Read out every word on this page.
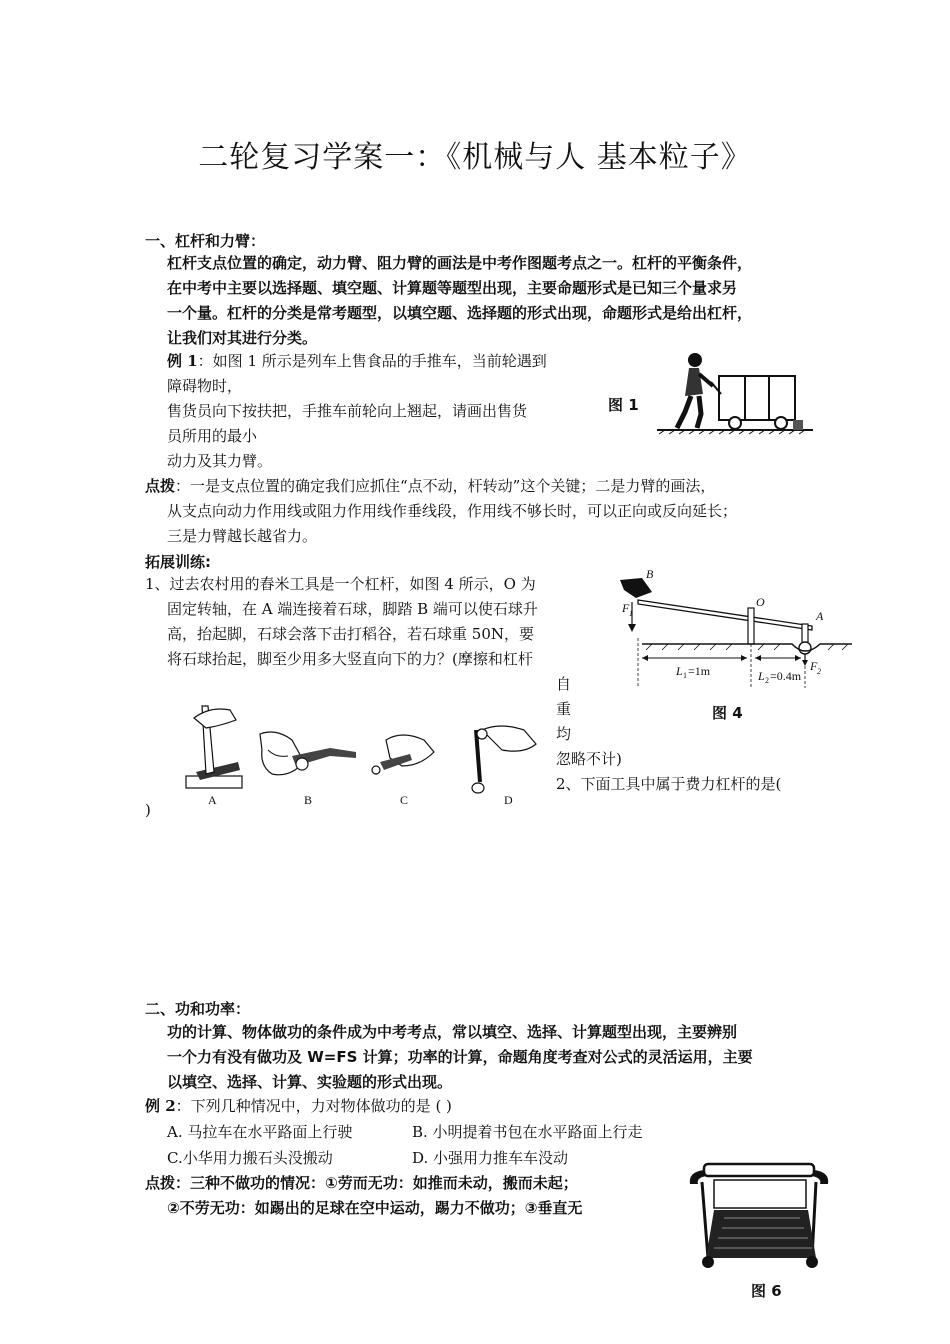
二轮复习学案一：《机械与人 基本粒子》
一、杠杆和力臂：
杠杆支点位置的确定，动力臂、阻力臂的画法是中考作图题考点之一。杠杆的平衡条件，
在中考中主要以选择题、填空题、计算题等题型出现，主要命题形式是已知三个量求另
一个量。杠杆的分类是常考题型，以填空题、选择题的形式出现，命题形式是给出杠杆，
让我们对其进行分类。
例 1：如图 1 所示是列车上售食品的手推车，当前轮遇到
障碍物时，
售货员向下按扶把，手推车前轮向上翘起，请画出售货
员所用的最小
动力及其力臂。
图 1
点拨：一是支点位置的确定我们应抓住“点不动，杆转动”这个关键；二是力臂的画法，
从支点向动力作用线或阻力作用线作垂线段，作用线不够长时，可以正向或反向延长；
三是力臂越长越省力。
拓展训练:
1、过去农村用的舂米工具是一个杠杆，如图 4 所示，O 为
固定转轴，在 A 端连接着石球，脚踏 B 端可以使石球升
高，抬起脚，石球会落下击打稻谷，若石球重 50N，要
将石球抬起，脚至少用多大竖直向下的力？(摩擦和杠杆
自
重
均
忽略不计)
B
F 1
O
A
F 2
L 1 =1m	L 2 =0.4m
图 4
A	B	C	D
2、下面工具中属于费力杠杆的是(
)
二、功和功率：
功的计算、物体做功的条件成为中考考点，常以填空、选择、计算题型出现，主要辨别
一个力有没有做功及 W=FS 计算；功率的计算，命题角度考查对公式的灵活运用，主要
以填空、选择、计算、实验题的形式出现。
例 2：下列几种情况中，力对物体做功的是 ( )
A. 马拉车在水平路面上行驶	B. 小明提着书包在水平路面上行走
C.小华用力搬石头没搬动	D. 小强用力推车车没动
点拨：三种不做功的情况：①劳而无功：如推而未动，搬而未起；
②不劳无功：如踢出的足球在空中运动，踢力不做功；③垂直无
图 6
